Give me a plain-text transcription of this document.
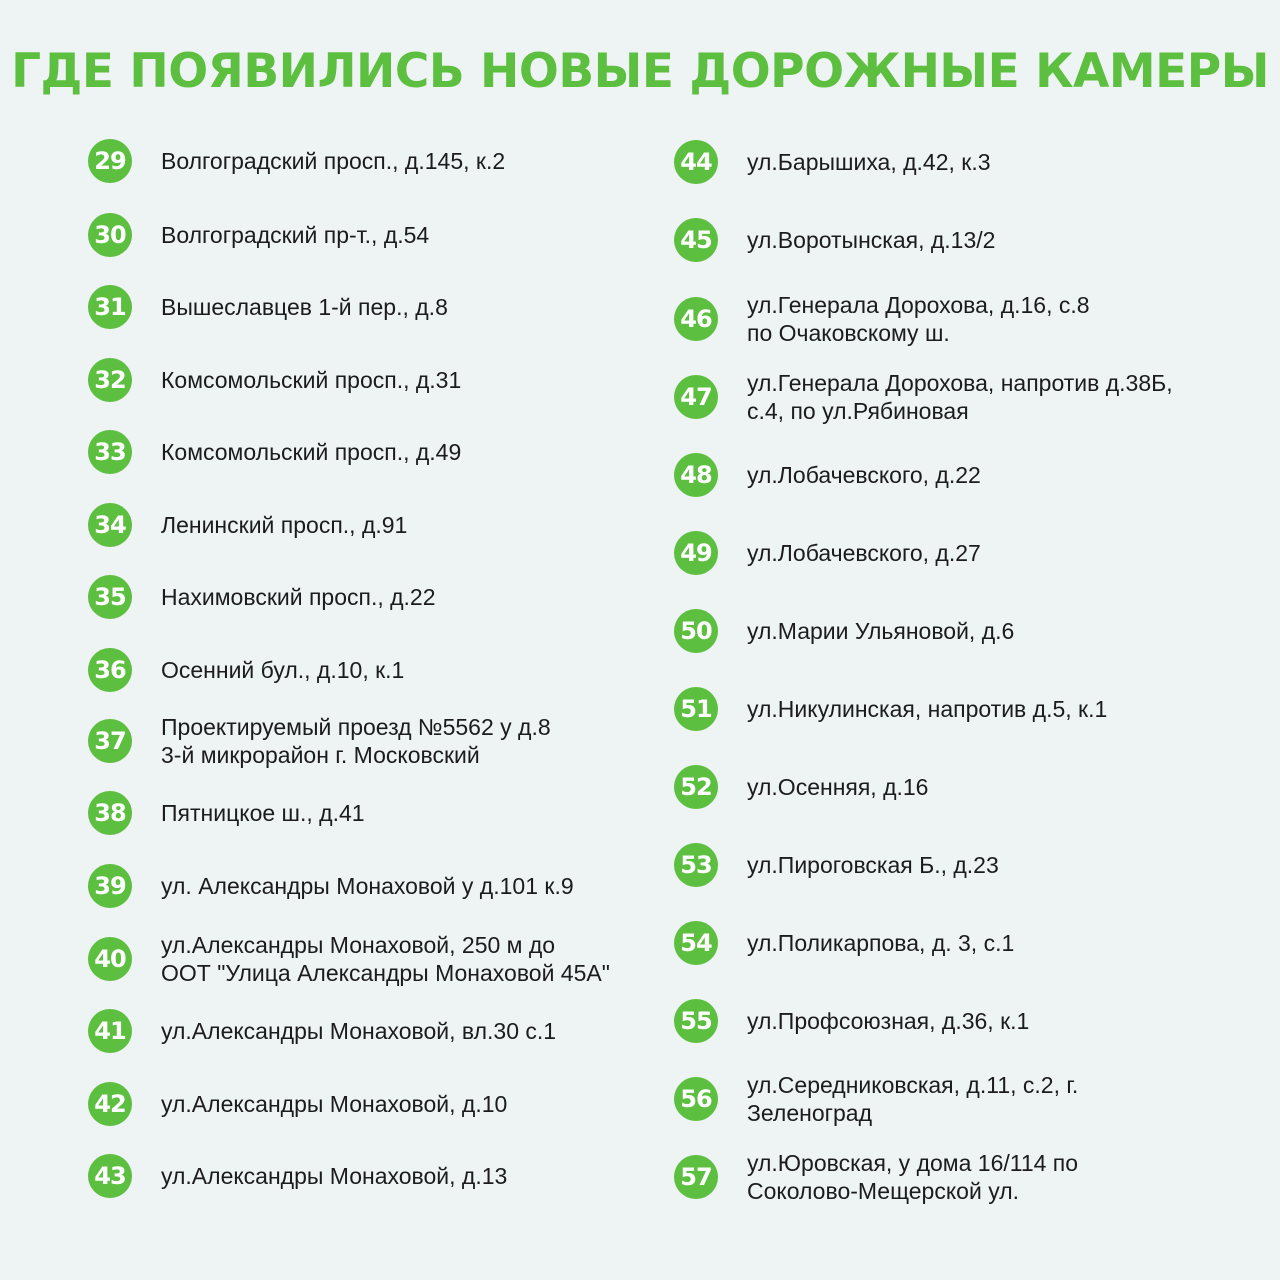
ГДЕ ПОЯВИЛИСЬ НОВЫЕ ДОРОЖНЫЕ КАМЕРЫ
29 Волгоградский просп., д.145, к.2
30 Волгоградский пр-т., д.54
31 Вышеславцев 1-й пер., д.8
32 Комсомольский просп., д.31
33 Комсомольский просп., д.49
34 Ленинский просп., д.91
35 Нахимовский просп., д.22
36 Осенний бул., д.10, к.1
37 Проектируемый проезд №5562 у д.8
3-й микрорайон г. Московский
38 Пятницкое ш., д.41
39 ул. Александры Монаховой у д.101 к.9
40 ул.Александры Монаховой, 250 м до
ООТ "Улица Александры Монаховой 45А"
41 ул.Александры Монаховой, вл.30 с.1
42 ул.Александры Монаховой, д.10
43 ул.Александры Монаховой, д.13
44 ул.Барышиха, д.42, к.3
45 ул.Воротынская, д.13/2
46 ул.Генерала Дорохова, д.16, с.8
по Очаковскому ш.
47 ул.Генерала Дорохова, напротив д.38Б,
с.4, по ул.Рябиновая
48 ул.Лобачевского, д.22
49 ул.Лобачевского, д.27
50 ул.Марии Ульяновой, д.6
51 ул.Никулинская, напротив д.5, к.1
52 ул.Осенняя, д.16
53 ул.Пироговская Б., д.23
54 ул.Поликарпова, д. 3, с.1
55 ул.Профсоюзная, д.36, к.1
56 ул.Середниковская, д.11, с.2, г.
Зеленоград
57 ул.Юровская, у дома 16/114 по
Соколово-Мещерской ул.
